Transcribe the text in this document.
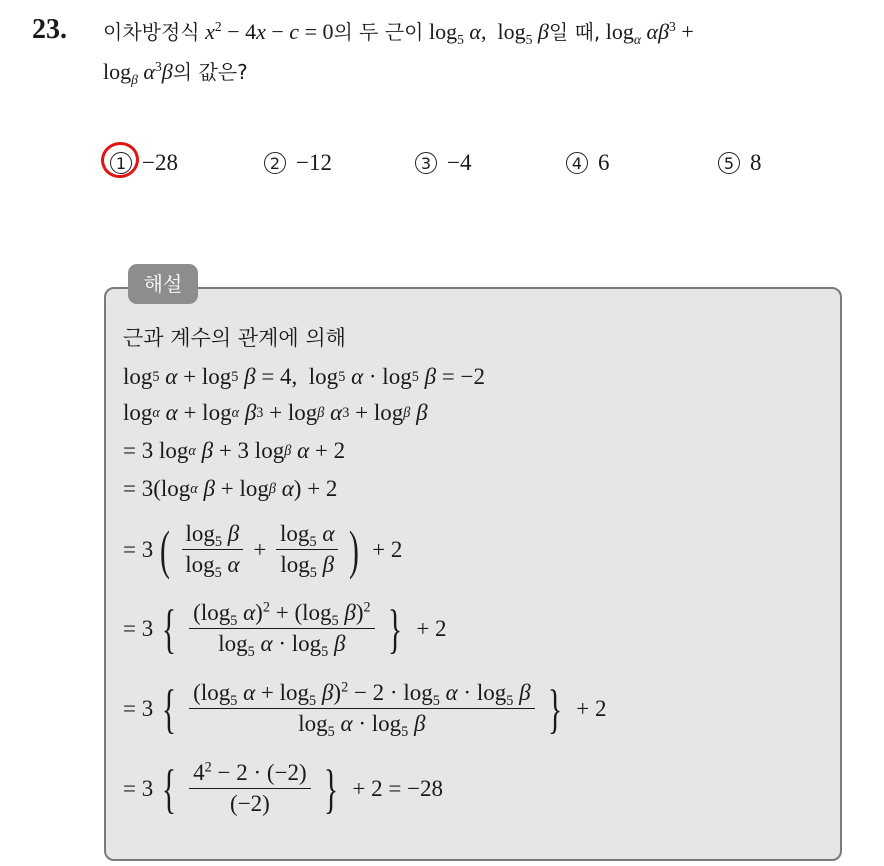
23. 이차방정식 $x^2 - 4x - c = 0$의 두 근이 $\log_5 \alpha$,  $\log_5 \beta$일 때, $\log_\alpha \alpha\beta^3$ +
$\log_\beta \alpha^3\beta$의 값은?
1 −28	2 −12	3 −4	4 6	5 8
해설
근과 계수의 관계에 의해
log 5
α + log 5
β = 4,  log 5
α · log 5
β = −2
log α
α + log α
β 3 + log β
α 3 + log β
β
= 3 log α
β + 3 log β
α + 2
= 3(log α
β + log β
α ) + 2
= 3 ( $\frac{\log_5 \beta}{\log_5 \alpha} + \frac{\log_5 \alpha}{\log_5 \beta}$ ) + 2
= 3 { $\frac{(\log_5 \alpha)^2 + (\log_5 \beta)^2}{\log_5 \alpha \cdot \log_5 \beta}$ } + 2
= 3 { $\frac{(\log_5 \alpha + \log_5 \beta)^2 - 2 \cdot \log_5 \alpha \cdot \log_5 \beta}{\log_5 \alpha \cdot \log_5 \beta}$ } + 2
= 3 { $\frac{4^2 - 2 \cdot (-2)}{(-2)}$ } + 2 = −28
